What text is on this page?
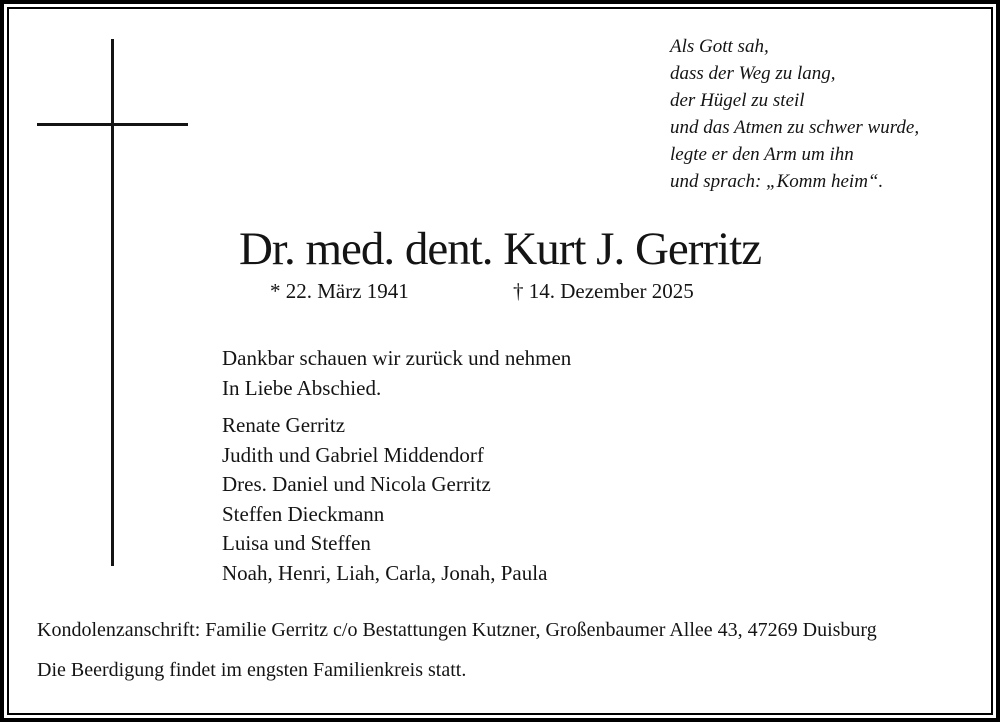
Als Gott sah,
dass der Weg zu lang,
der Hügel zu steil
und das Atmen zu schwer wurde,
legte er den Arm um ihn
und sprach: „Komm heim“.
Dr. med. dent. Kurt J. Gerritz
* 22. März 1941	† 14. Dezember 2025
Dankbar schauen wir zurück und nehmen
In Liebe Abschied.
Renate Gerritz
Judith und Gabriel Middendorf
Dres. Daniel und Nicola Gerritz
Steffen Dieckmann
Luisa und Steffen
Noah, Henri, Liah, Carla, Jonah, Paula
Kondolenzanschrift: Familie Gerritz c/o Bestattungen Kutzner, Großenbaumer Allee 43, 47269 Duisburg
Die Beerdigung findet im engsten Familienkreis statt.
